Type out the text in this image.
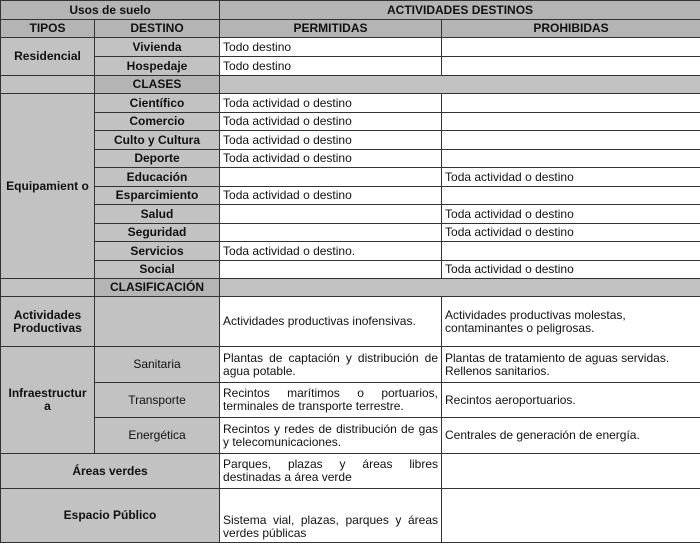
Usos de suelo		ACTIVIDADES DESTINOS	
TIPOS	DESTINO	PERMITIDAS	PROHIBIDAS
Residencial	Vivienda	Todo destino	
	Hospedaje	Todo destino	
	CLASES		
Equipamient o	Científico	Toda actividad o destino	
	Comercio	Toda actividad o destino	
	Culto y Cultura	Toda actividad o destino	
	Deporte	Toda actividad o destino	
	Educación		Toda actividad o destino
	Esparcimiento	Toda actividad o destino	
	Salud		Toda actividad o destino
	Seguridad		Toda actividad o destino
	Servicios	Toda actividad o destino.	
	Social		Toda actividad o destino
	CLASIFICACIÓN		
Actividades Productivas		Actividades productivas inofensivas.	Actividades productivas molestas, contaminantes o peligrosas.
Infraestructur a	Sanitaria	Plantas de captación y distribución de agua potable.	Plantas de tratamiento de aguas servidas. Rellenos sanitarios.
	Transporte	Recintos marítimos o portuarios, terminales de transporte terrestre.	Recintos aeroportuarios.
	Energética	Recintos y redes de distribución de gas y telecomunicaciones.	Centrales de generación de energía.
Áreas verdes		Parques, plazas y áreas libres destinadas a área verde	
Espacio Público		Sistema vial, plazas, parques y áreas verdes públicas	
